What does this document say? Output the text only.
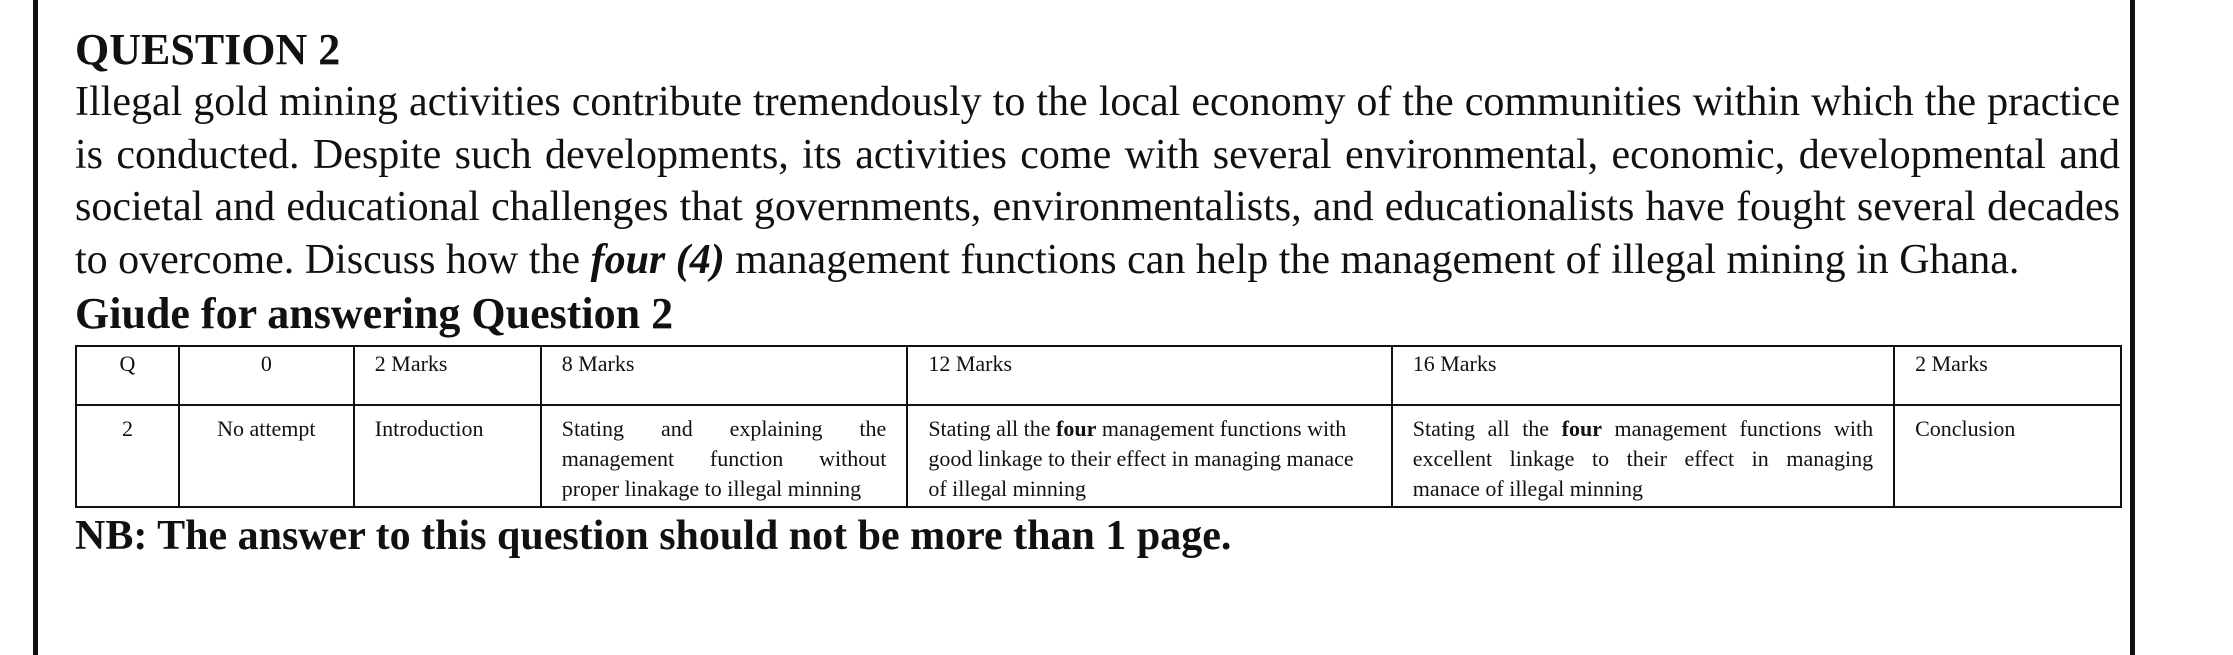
QUESTION 2

Illegal gold mining activities contribute tremendously to the local economy of the communities within which the practice is conducted. Despite such developments, its activities come with several environmental, economic, developmental and societal and educational challenges that governments, environmentalists, and educationalists have fought several decades to overcome. Discuss how the four (4) management functions can help the management of illegal mining in Ghana.

Giude for answering Question 2

Q	0	2 Marks	8 Marks	12 Marks	16 Marks	2 Marks
2	No attempt	Introduction	Stating and explaining the management function without proper linakage to illegal minning	Stating all the four management functions with good linkage to their effect in managing manace of illegal minning	Stating all the four management functions with excellent linkage to their effect in managing manace of illegal minning	Conclusion

NB: The answer to this question should not be more than 1 page.
